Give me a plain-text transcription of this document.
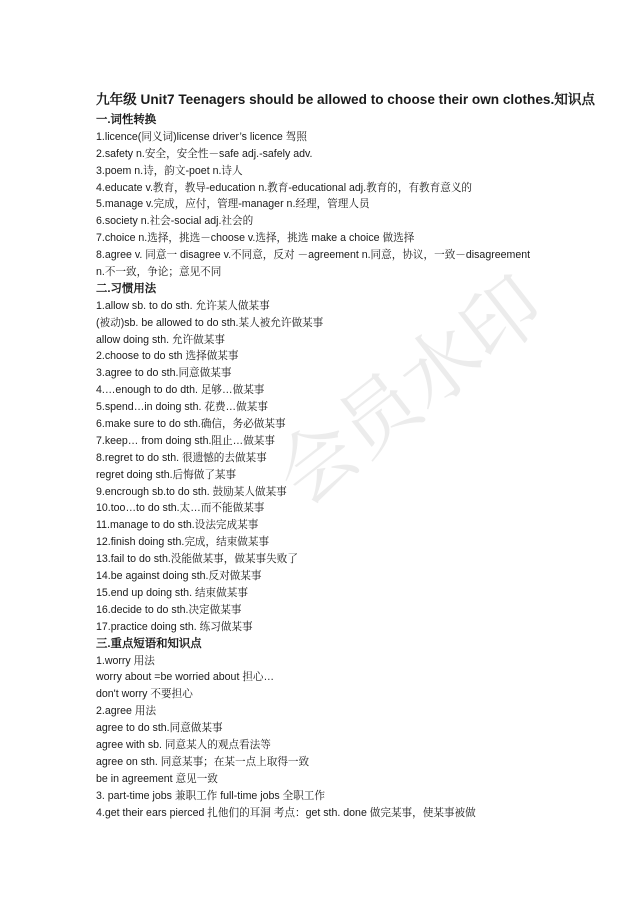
九年级 Unit7 Teenagers should be allowed to choose their own clothes.知识点
一.词性转换
1.licence(同义词)license driver’s licence 驾照
2.safety n.安全，安全性－safe adj.-safely adv.
3.poem n.诗，韵文-poet n.诗人
4.educate v.教育，教导-education n.教育-educational adj.教育的，有教育意义的
5.manage v.完成，应付，管理-manager n.经理，管理人员
6.society n.社会-social adj.社会的
7.choice n.选择，挑选－choose v.选择，挑选 make a choice 做选择
8.agree v. 同意一 disagree v.不同意，反对 －agreement n.同意，协议，一致－disagreement
n.不一致，争论；意见不同
二.习惯用法
1.allow sb. to do sth. 允许某人做某事
(被动)sb. be allowed to do sth.某人被允许做某事
allow doing sth. 允许做某事
2.choose to do sth 选择做某事
3.agree to do sth.同意做某事
4.…enough to do dth. 足够…做某事
5.spend…in doing sth. 花费…做某事
6.make sure to do sth.确信，务必做某事
7.keep… from doing sth.阻止…做某事
8.regret to do sth. 很遗憾的去做某事
regret doing sth.后悔做了某事
9.encrough sb.to do sth. 鼓励某人做某事
10.too…to do sth.太…而不能做某事
11.manage to do sth.设法完成某事
12.finish doing sth.完成，结束做某事
13.fail to do sth.没能做某事，做某事失败了
14.be against doing sth.反对做某事
15.end up doing sth. 结束做某事
16.decide to do sth.决定做某事
17.practice doing sth. 练习做某事
三.重点短语和知识点
1.worry 用法
worry about =be worried about 担心…
don't worry 不要担心
2.agree 用法
agree to do sth.同意做某事
agree with sb. 同意某人的观点看法等
agree on sth. 同意某事；在某一点上取得一致
be in agreement 意见一致
3. part-time jobs 兼职工作 full-time jobs 全职工作
4.get their ears pierced 扎他们的耳洞 考点：get sth. done 做完某事，使某事被做
会员水印
